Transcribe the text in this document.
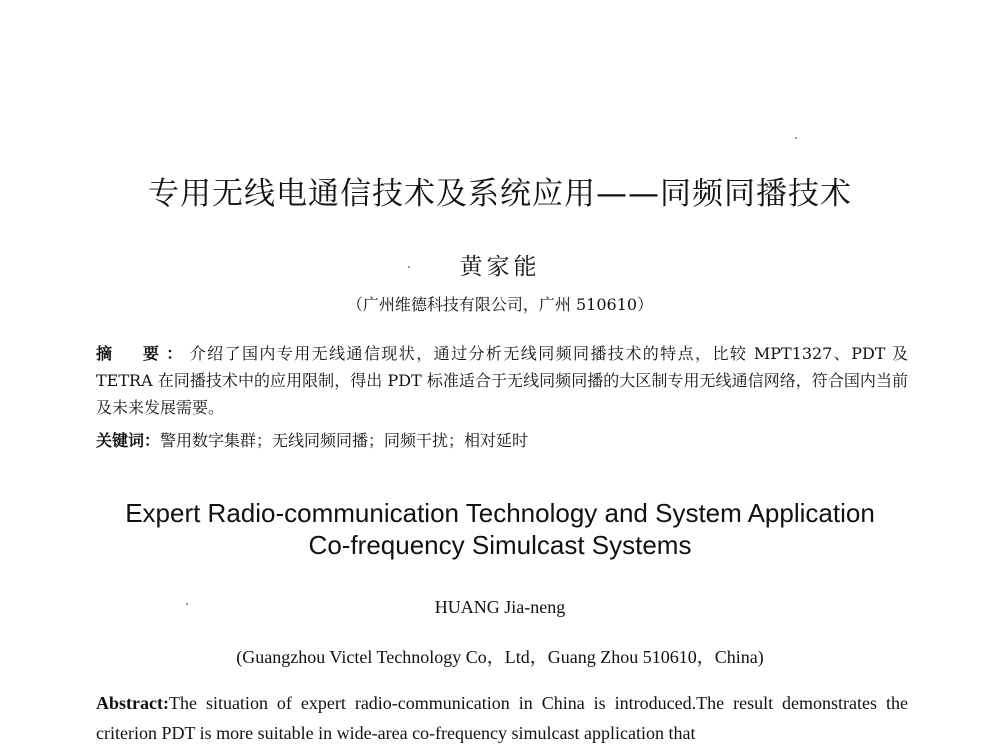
专用无线电通信技术及系统应用——同频同播技术
黄家能
（广州维德科技有限公司，广州 510610）
摘　要：介绍了国内专用无线通信现状，通过分析无线同频同播技术的特点，比较 MPT1327、PDT 及 TETRA 在同播技术中的应用限制，得出 PDT 标准适合于无线同频同播的大区制专用无线通信网络，符合国内当前及未来发展需要。
关键词：警用数字集群；无线同频同播；同频干扰；相对延时
Expert Radio-communication Technology and System Application
Co-frequency Simulcast Systems
HUANG Jia-neng
(Guangzhou Victel Technology Co，Ltd，Guang Zhou 510610，China)
Abstract:The situation of expert radio-communication in China is introduced.The result demonstrates the criterion PDT is more suitable in wide-area co-frequency simulcast application that
